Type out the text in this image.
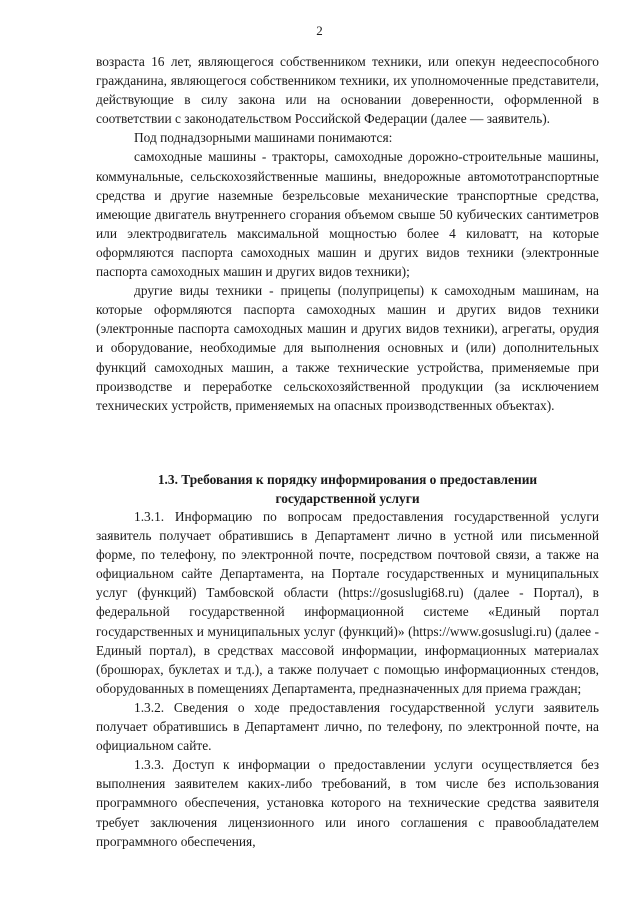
2

возраста 16 лет, являющегося собственником техники, или опекун недееспособного гражданина, являющегося собственником техники, их уполномоченные представители, действующие в силу закона или на основании доверенности, оформленной в соответствии с законодательством Российской Федерации (далее — заявитель).

Под поднадзорными машинами понимаются:

самоходные машины - тракторы, самоходные дорожно-строительные машины, коммунальные, сельскохозяйственные машины, внедорожные автомототранспортные средства и другие наземные безрельсовые механические транспортные средства, имеющие двигатель внутреннего сгорания объемом свыше 50 кубических сантиметров или электродвигатель максимальной мощностью более 4 киловатт, на которые оформляются паспорта самоходных машин и других видов техники (электронные паспорта самоходных машин и других видов техники);

другие виды техники - прицепы (полуприцепы) к самоходным машинам, на которые оформляются паспорта самоходных машин и других видов техники (электронные паспорта самоходных машин и других видов техники), агрегаты, орудия и оборудование, необходимые для выполнения основных и (или) дополнительных функций самоходных машин, а также технические устройства, применяемые при производстве и переработке сельскохозяйственной продукции (за исключением технических устройств, применяемых на опасных производственных объектах).

1.3. Требования к порядку информирования о предоставлении
государственной услуги

1.3.1. Информацию по вопросам предоставления государственной услуги заявитель получает обратившись в Департамент лично в устной или письменной форме, по телефону, по электронной почте, посредством почтовой связи, а также на официальном сайте Департамента, на Портале государственных и муниципальных услуг (функций) Тамбовской области (https://gosuslugi68.ru) (далее - Портал), в федеральной государственной информационной системе «Единый портал государственных и муниципальных услуг (функций)» (https://www.gosuslugi.ru) (далее - Единый портал), в средствах массовой информации, информационных материалах (брошюрах, буклетах и т.д.), а также получает с помощью информационных стендов, оборудованных в помещениях Департамента, предназначенных для приема граждан;

1.3.2. Сведения о ходе предоставления государственной услуги заявитель получает обратившись в Департамент лично, по телефону, по электронной почте, на официальном сайте.

1.3.3. Доступ к информации о предоставлении услуги осуществляется без выполнения заявителем каких-либо требований, в том числе без использования программного обеспечения, установка которого на технические средства заявителя требует заключения лицензионного или иного соглашения с правообладателем программного обеспечения,
